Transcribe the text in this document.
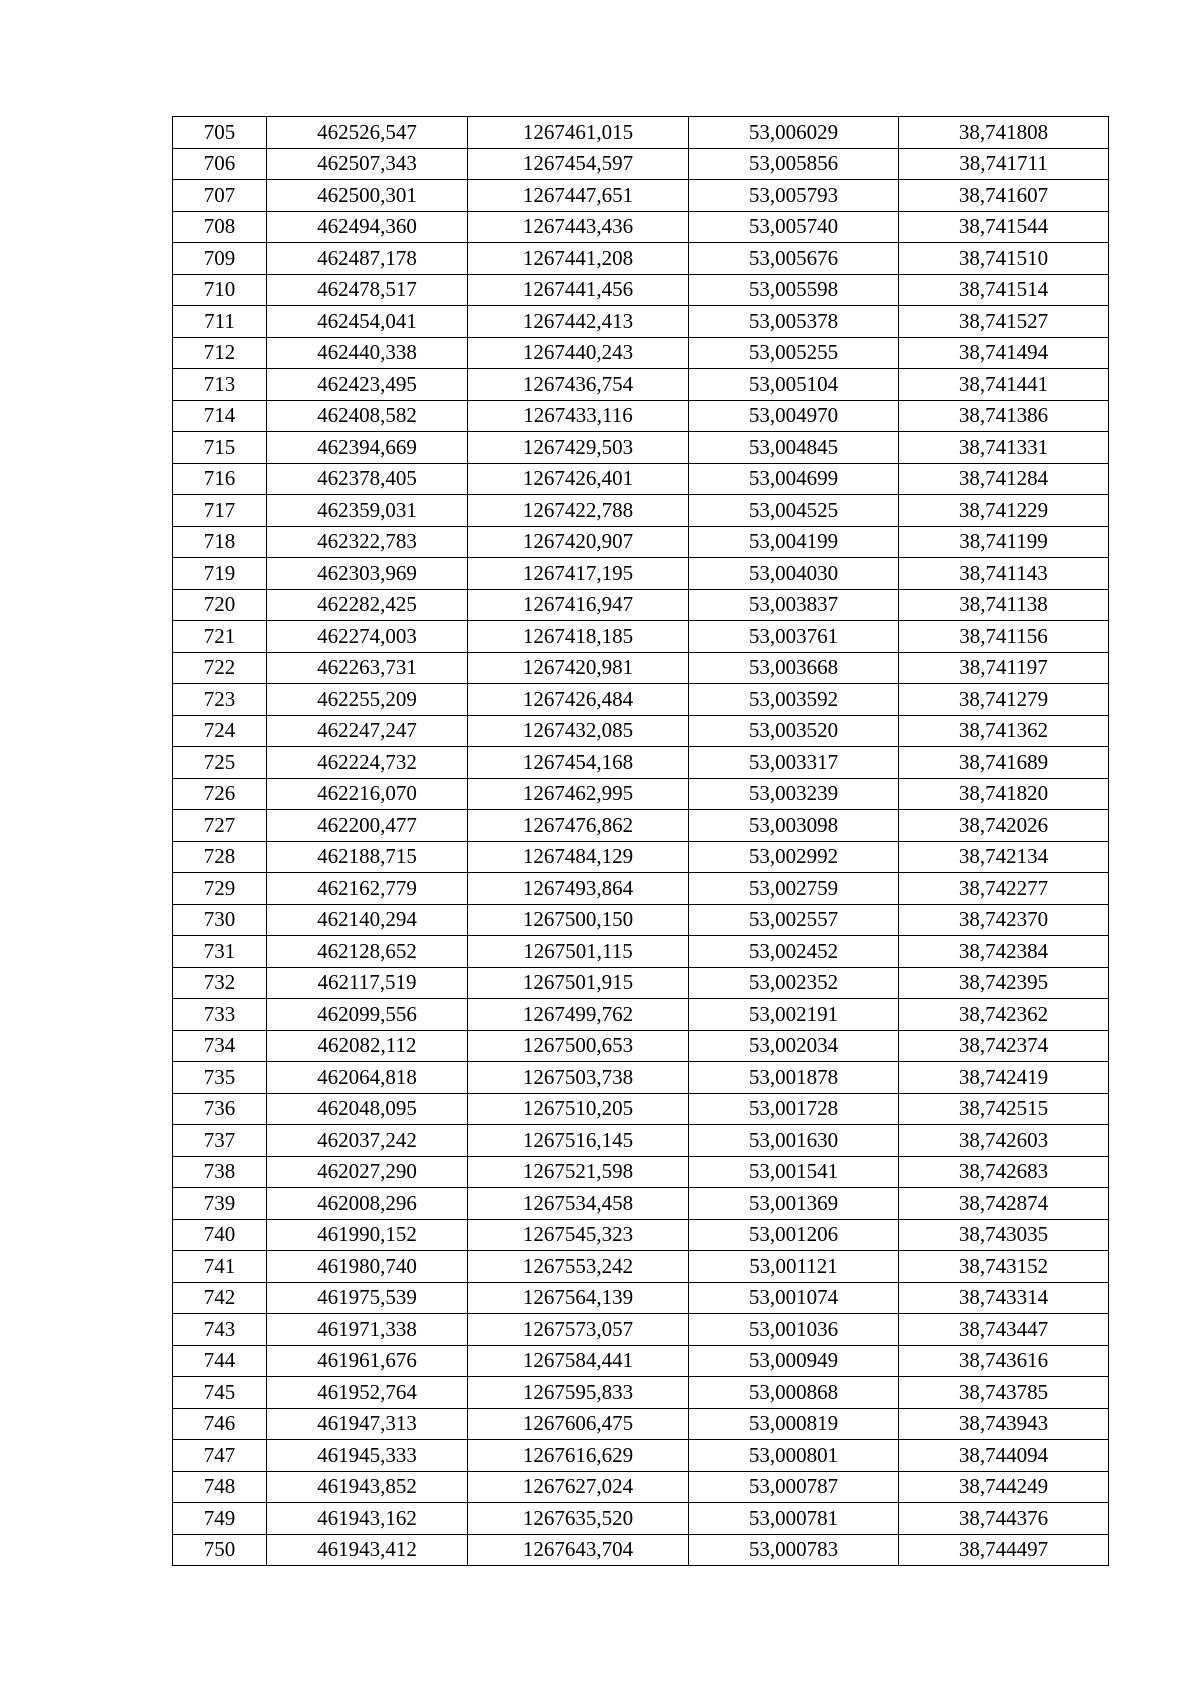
705	462526,547	1267461,015	53,006029	38,741808
706	462507,343	1267454,597	53,005856	38,741711
707	462500,301	1267447,651	53,005793	38,741607
708	462494,360	1267443,436	53,005740	38,741544
709	462487,178	1267441,208	53,005676	38,741510
710	462478,517	1267441,456	53,005598	38,741514
711	462454,041	1267442,413	53,005378	38,741527
712	462440,338	1267440,243	53,005255	38,741494
713	462423,495	1267436,754	53,005104	38,741441
714	462408,582	1267433,116	53,004970	38,741386
715	462394,669	1267429,503	53,004845	38,741331
716	462378,405	1267426,401	53,004699	38,741284
717	462359,031	1267422,788	53,004525	38,741229
718	462322,783	1267420,907	53,004199	38,741199
719	462303,969	1267417,195	53,004030	38,741143
720	462282,425	1267416,947	53,003837	38,741138
721	462274,003	1267418,185	53,003761	38,741156
722	462263,731	1267420,981	53,003668	38,741197
723	462255,209	1267426,484	53,003592	38,741279
724	462247,247	1267432,085	53,003520	38,741362
725	462224,732	1267454,168	53,003317	38,741689
726	462216,070	1267462,995	53,003239	38,741820
727	462200,477	1267476,862	53,003098	38,742026
728	462188,715	1267484,129	53,002992	38,742134
729	462162,779	1267493,864	53,002759	38,742277
730	462140,294	1267500,150	53,002557	38,742370
731	462128,652	1267501,115	53,002452	38,742384
732	462117,519	1267501,915	53,002352	38,742395
733	462099,556	1267499,762	53,002191	38,742362
734	462082,112	1267500,653	53,002034	38,742374
735	462064,818	1267503,738	53,001878	38,742419
736	462048,095	1267510,205	53,001728	38,742515
737	462037,242	1267516,145	53,001630	38,742603
738	462027,290	1267521,598	53,001541	38,742683
739	462008,296	1267534,458	53,001369	38,742874
740	461990,152	1267545,323	53,001206	38,743035
741	461980,740	1267553,242	53,001121	38,743152
742	461975,539	1267564,139	53,001074	38,743314
743	461971,338	1267573,057	53,001036	38,743447
744	461961,676	1267584,441	53,000949	38,743616
745	461952,764	1267595,833	53,000868	38,743785
746	461947,313	1267606,475	53,000819	38,743943
747	461945,333	1267616,629	53,000801	38,744094
748	461943,852	1267627,024	53,000787	38,744249
749	461943,162	1267635,520	53,000781	38,744376
750	461943,412	1267643,704	53,000783	38,744497
